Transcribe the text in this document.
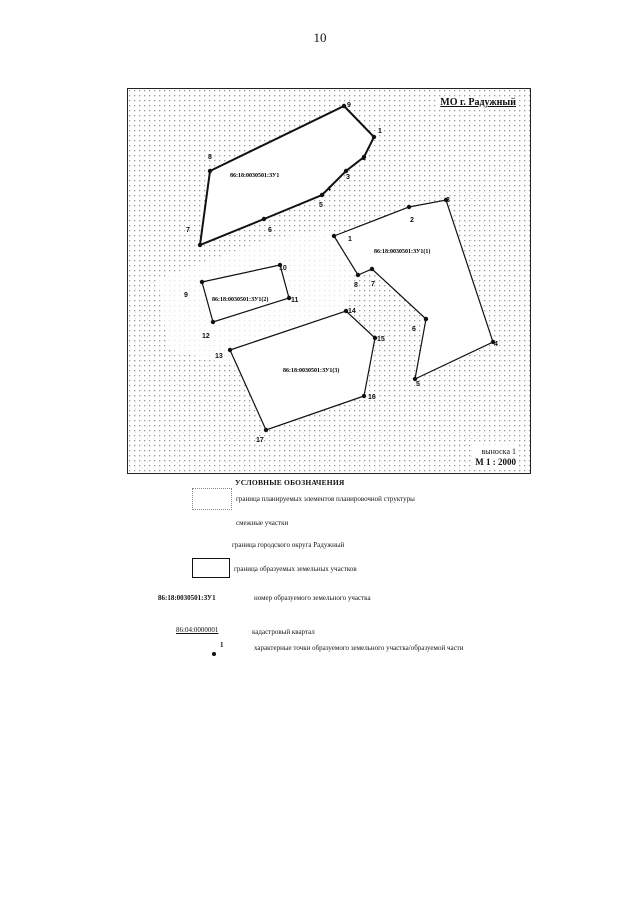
10
86:18:0030501:ЗУ1
86:18:0030501:ЗУ1(1)
86:18:0030501:ЗУ1(2)
86:18:0030501:ЗУ1(3)
9
1
2
3
4
5
6
7
8
1
2
3
4
5
6
7
8
9
10
11
12
13
14
15
16
17
МО г. Радужный
выноска 1
М 1 : 2000
УСЛОВНЫЕ ОБОЗНАЧЕНИЯ
граница планируемых элементов планировочной структуры
смежные участки
граница городского округа Радужный
граница образуемых земельных участков
86:18:0030501:ЗУ1	номер образуемого земельного участка
86:04:0000001	кадастровый квартал
1	характерные точки образуемого земельного участка/образуемой части
